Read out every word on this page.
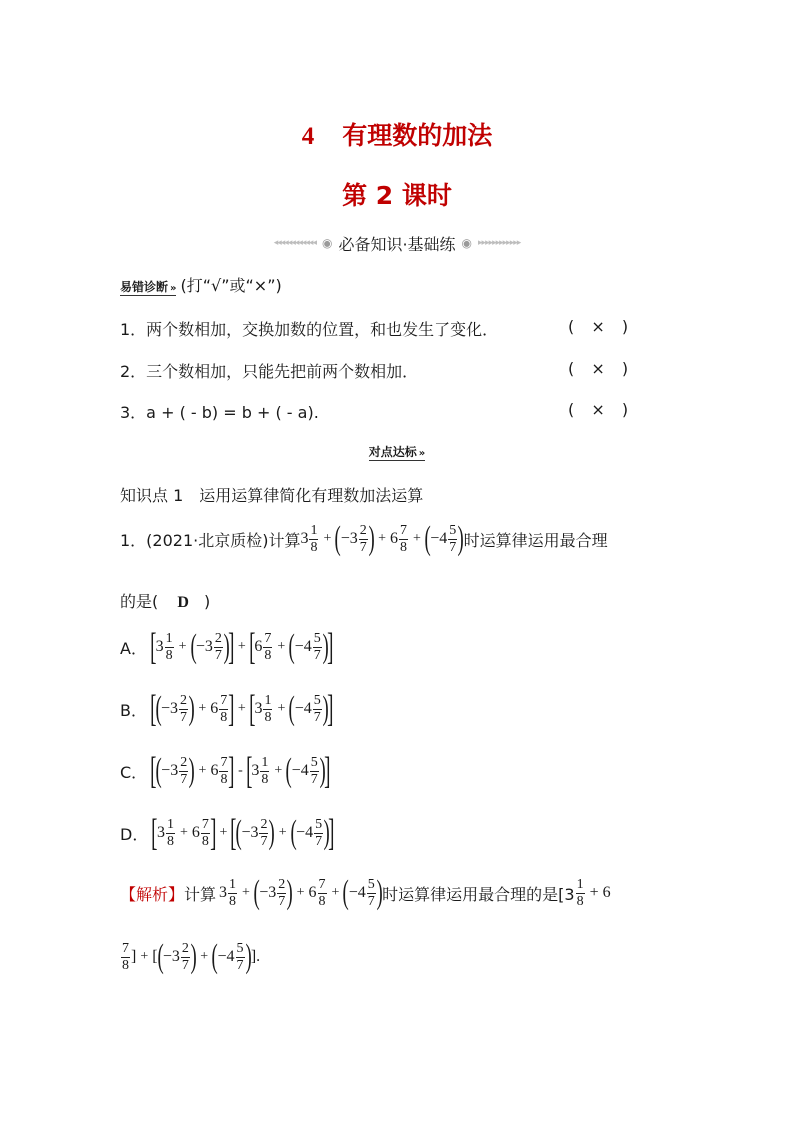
4 有理数的加法
第 2 课时
◂◂◂◂◂◂◂◂◂◂◂◂ ◉ 必备知识·基础练 ◉ ▸▸▸▸▸▸▸▸▸▸▸▸
易错诊断 » (打“√”或“×”)
1．两个数相加，交换加数的位置，和也发生了变化．	( × )
2．三个数相加，只能先把前两个数相加．	( × )
3．a + ( - b) = b + ( - a).	( × )
对点达标 »
知识点 1　运用运算律简化有理数加法运算
1．(2021·北京质检)计算 $3 \frac{1}{8}$ + ( − $3 \frac{2}{7}$ ) + $6 \frac{7}{8}$ + ( − $4 \frac{5}{7}$ ) 时运算律运用最合理
的是( D )
A． [ $3 \frac{1}{8}$ + ( − $3 \frac{2}{7}$ )
] + [ $6 \frac{7}{8}$ + ( − $4 \frac{5}{7}$ )
]
B． [
( − $3 \frac{2}{7}$ ) + $6 \frac{7}{8}$ ] + [ $3 \frac{1}{8}$ + ( − $4 \frac{5}{7}$ )
]
C． [
( − $3 \frac{2}{7}$ ) + $6 \frac{7}{8}$ ] - [ $3 \frac{1}{8}$ + ( − $4 \frac{5}{7}$ )
]
D． [ $3 \frac{1}{8} + 6 \frac{7}{8}$ ] + [
( − $3 \frac{2}{7}$ ) + ( − $4 \frac{5}{7}$ )
]
【解析】 计算 $3 \frac{1}{8}$ + ( − $3 \frac{2}{7}$ ) + $6 \frac{7}{8}$ + ( − $4 \frac{5}{7}$ ) 时运算律运用最合理的是[$3 \frac{1}{8} + 6$
$\frac{7}{8}$ ] + [ ( − $3 \frac{2}{7}$ ) + ( − $4 \frac{5}{7}$ ) ].
